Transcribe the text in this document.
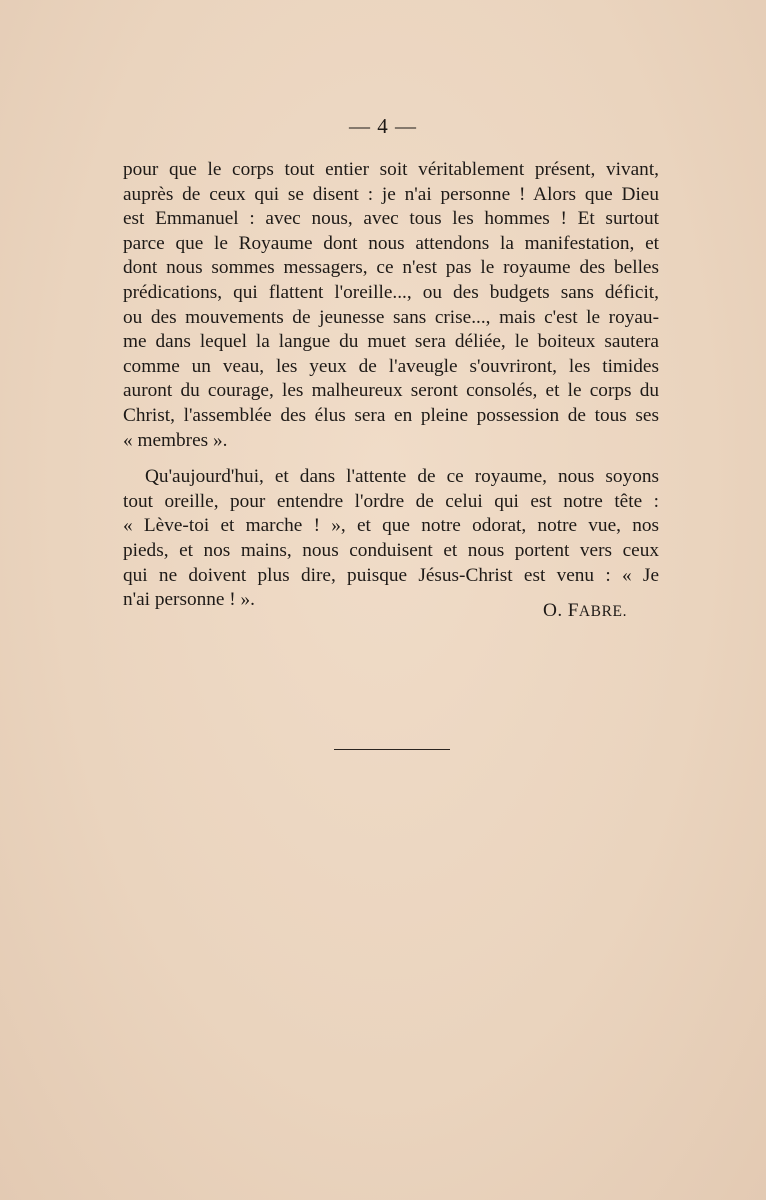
— 4 —
pour que le corps tout entier soit véritablement présent, vivant,
auprès de ceux qui se disent : je n'ai personne ! Alors que Dieu
est Emmanuel : avec nous, avec tous les hommes ! Et surtout
parce que le Royaume dont nous attendons la manifestation, et
dont nous sommes messagers, ce n'est pas le royaume des belles
prédications, qui flattent l'oreille..., ou des budgets sans déficit,
ou des mouvements de jeunesse sans crise..., mais c'est le royau-
me dans lequel la langue du muet sera déliée, le boiteux sautera
comme un veau, les yeux de l'aveugle s'ouvriront, les timides
auront du courage, les malheureux seront consolés, et le corps du
Christ, l'assemblée des élus sera en pleine possession de tous ses
« membres ».
Qu'aujourd'hui, et dans l'attente de ce royaume, nous soyons
tout oreille, pour entendre l'ordre de celui qui est notre tête :
« Lève-toi et marche ! », et que notre odorat, notre vue, nos
pieds, et nos mains, nous conduisent et nous portent vers ceux
qui ne doivent plus dire, puisque Jésus-Christ est venu : « Je
n'ai personne ! ».
O. FABRE.
